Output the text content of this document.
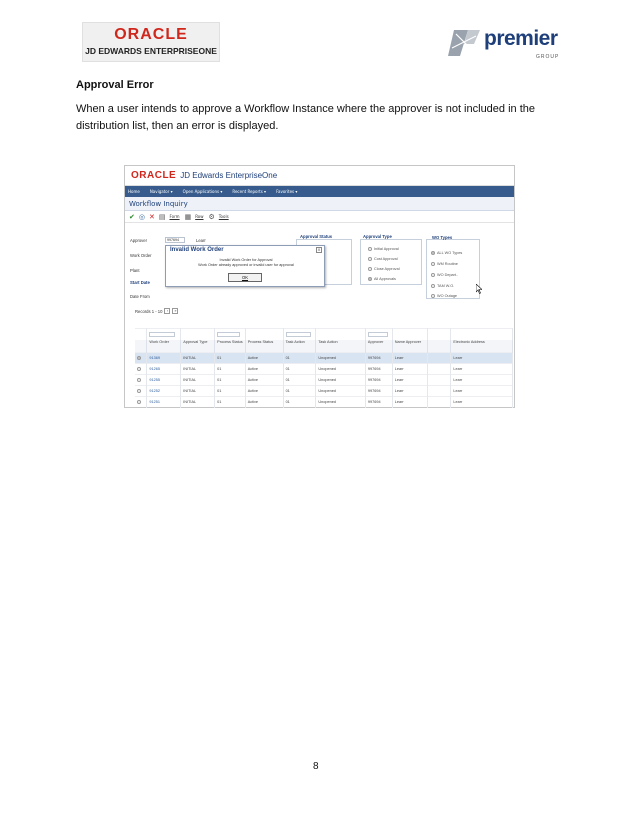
ORACLE
JD EDWARDS ENTERPRISEONE
premier
GROUP
Approval Error
When a user intends to approve a Workflow Instance where the approver is not included in the distribution list, then an error is displayed.
ORACLE JD Edwards EnterpriseOne
Home	Navigator ▾	Open Applications ▾	Recent Reports ▾	Favorites ▾
Workflow Inquiry
✔ ◎ ✕ ▤ Form ▦ Row ⚙ Tools
Approver	997694	Learr
Work Order
Plant
Start Date
Date From
Approval Status	Approval Type
Initial Approval
Cost Approval
Close Approval
All Approvals
WO Types
ALL WO Types
WM Routine
WO Depart..
TAM W.O.
WO Outage
Invalid Work Order	X
Invalid Work Order for Approval
Work Order already approved or invalid user for approval
OK
Records 1 - 10	›	»

	Work Order	Approval Type	Process Status	Process Status	Task Action	Task Action	Approver	Name Approver		Electronic Address
	91369	INITIAL	01	Active	01	Unopened	997694	Learr		Learr
	91265	INITIAL	01	Active	01	Unopened	997694	Learr		Learr
	91255	INITIAL	01	Active	01	Unopened	997694	Learr		Learr
	91252	INITIAL	01	Active	01	Unopened	997694	Learr		Learr
	91251	INITIAL	01	Active	01	Unopened	997694	Learr		Learr
8
